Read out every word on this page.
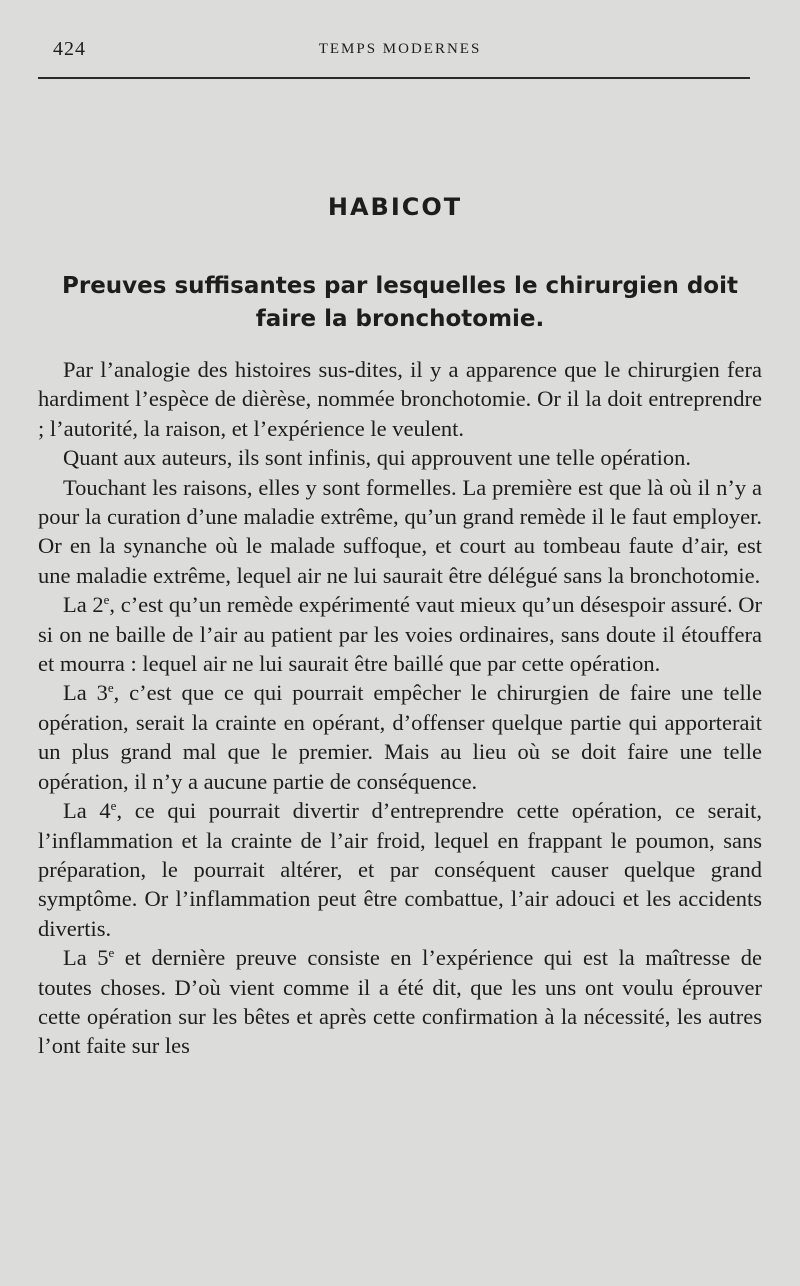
424	TEMPS MODERNES
HABICOT
Preuves suffisantes par lesquelles le chirurgien doit faire la bronchotomie.

Par l’analogie des histoires sus-dites, il y a apparence que le chirurgien fera hardiment l’espèce de dièrèse, nommée bronchotomie. Or il la doit entreprendre ; l’autorité, la raison, et l’expérience le veulent.

Quant aux auteurs, ils sont infinis, qui approuvent une telle opération.

Touchant les raisons, elles y sont formelles. La première est que là où il n’y a pour la curation d’une maladie extrême, qu’un grand remède il le faut employer. Or en la synanche où le malade suffoque, et court au tombeau faute d’air, est une maladie extrême, lequel air ne lui saurait être délégué sans la bronchotomie.

La 2e, c’est qu’un remède expérimenté vaut mieux qu’un désespoir assuré. Or si on ne baille de l’air au patient par les voies ordinaires, sans doute il étouffera et mourra : lequel air ne lui saurait être baillé que par cette opération.

La 3e, c’est que ce qui pourrait empêcher le chirurgien de faire une telle opération, serait la crainte en opérant, d’offenser quelque partie qui apporterait un plus grand mal que le premier. Mais au lieu où se doit faire une telle opération, il n’y a aucune partie de conséquence.

La 4e, ce qui pourrait divertir d’entreprendre cette opération, ce serait, l’inflammation et la crainte de l’air froid, lequel en frappant le poumon, sans préparation, le pourrait altérer, et par conséquent causer quelque grand symptôme. Or l’inflammation peut être combattue, l’air adouci et les accidents divertis.

La 5e et dernière preuve consiste en l’expérience qui est la maîtresse de toutes choses. D’où vient comme il a été dit, que les uns ont voulu éprouver cette opération sur les bêtes et après cette confirmation à la nécessité, les autres l’ont faite sur les
